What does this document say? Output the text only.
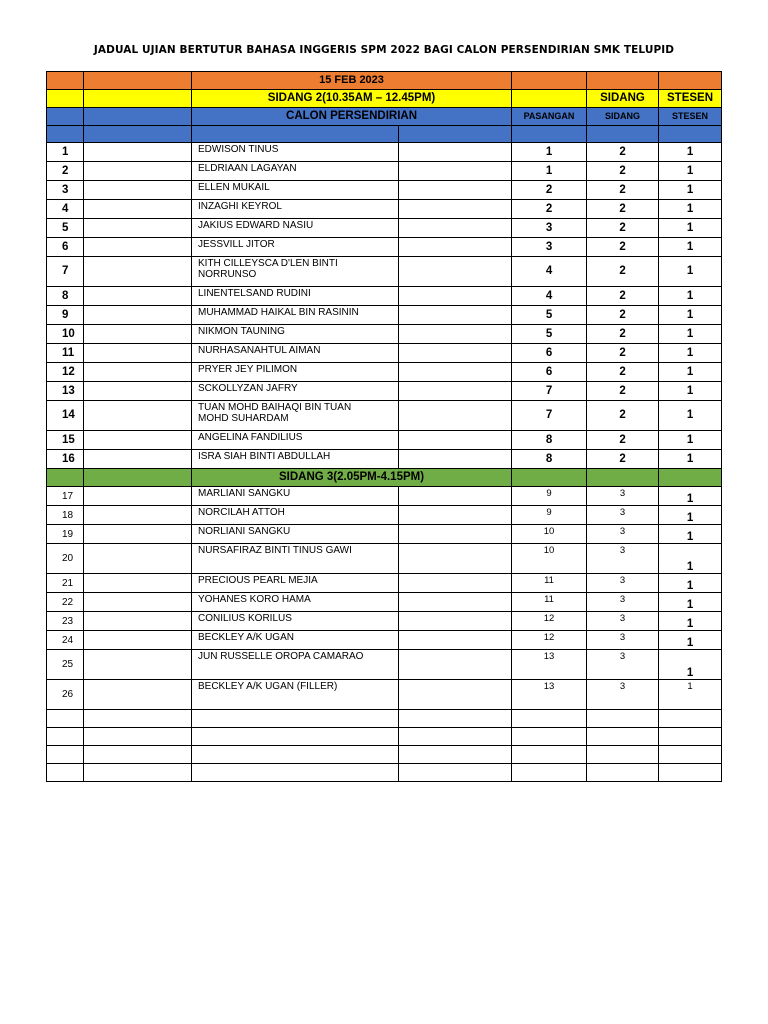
JADUAL UJIAN BERTUTUR BAHASA INGGERIS SPM 2022 BAGI CALON PERSENDIRIAN SMK TELUPID
		15 FEB 2023				
		SIDANG 2(10.35AM – 12.45PM)			SIDANG	STESEN
		CALON PERSENDIRIAN		PASANGAN	SIDANG	STESEN

1		EDWISON TINUS		1	2	1
2		ELDRIAAN LAGAYAN		1	2	1
3		ELLEN MUKAIL		2	2	1
4		INZAGHI KEYROL		2	2	1
5		JAKIUS EDWARD NASIU		3	2	1
6		JESSVILL JITOR		3	2	1
7		KITH CILLEYSCA D'LEN BINTI NORRUNSO		4	2	1
8		LINENTELSAND RUDINI		4	2	1
9		MUHAMMAD HAIKAL BIN RASININ		5	2	1
10		NIKMON TAUNING		5	2	1
11		NURHASANAHTUL AIMAN		6	2	1
12		PRYER JEY PILIMON		6	2	1
13		SCKOLLYZAN JAFRY		7	2	1
14		TUAN MOHD BAIHAQI BIN TUAN MOHD SUHARDAM		7	2	1
15		ANGELINA FANDILIUS		8	2	1
16		ISRA SIAH BINTI ABDULLAH		8	2	1
		SIDANG 3(2.05PM-4.15PM)				
17		MARLIANI SANGKU		9	3	1
18		NORCILAH ATTOH		9	3	1
19		NORLIANI SANGKU		10	3	1
20		NURSAFIRAZ BINTI TINUS GAWI		10	3	1
21		PRECIOUS PEARL MEJIA		11	3	1
22		YOHANES KORO HAMA		11	3	1
23		CONILIUS KORILUS		12	3	1
24		BECKLEY A/K UGAN		12	3	1
25		JUN RUSSELLE OROPA CAMARAO		13	3	1
26		BECKLEY A/K UGAN (FILLER)		13	3	1
